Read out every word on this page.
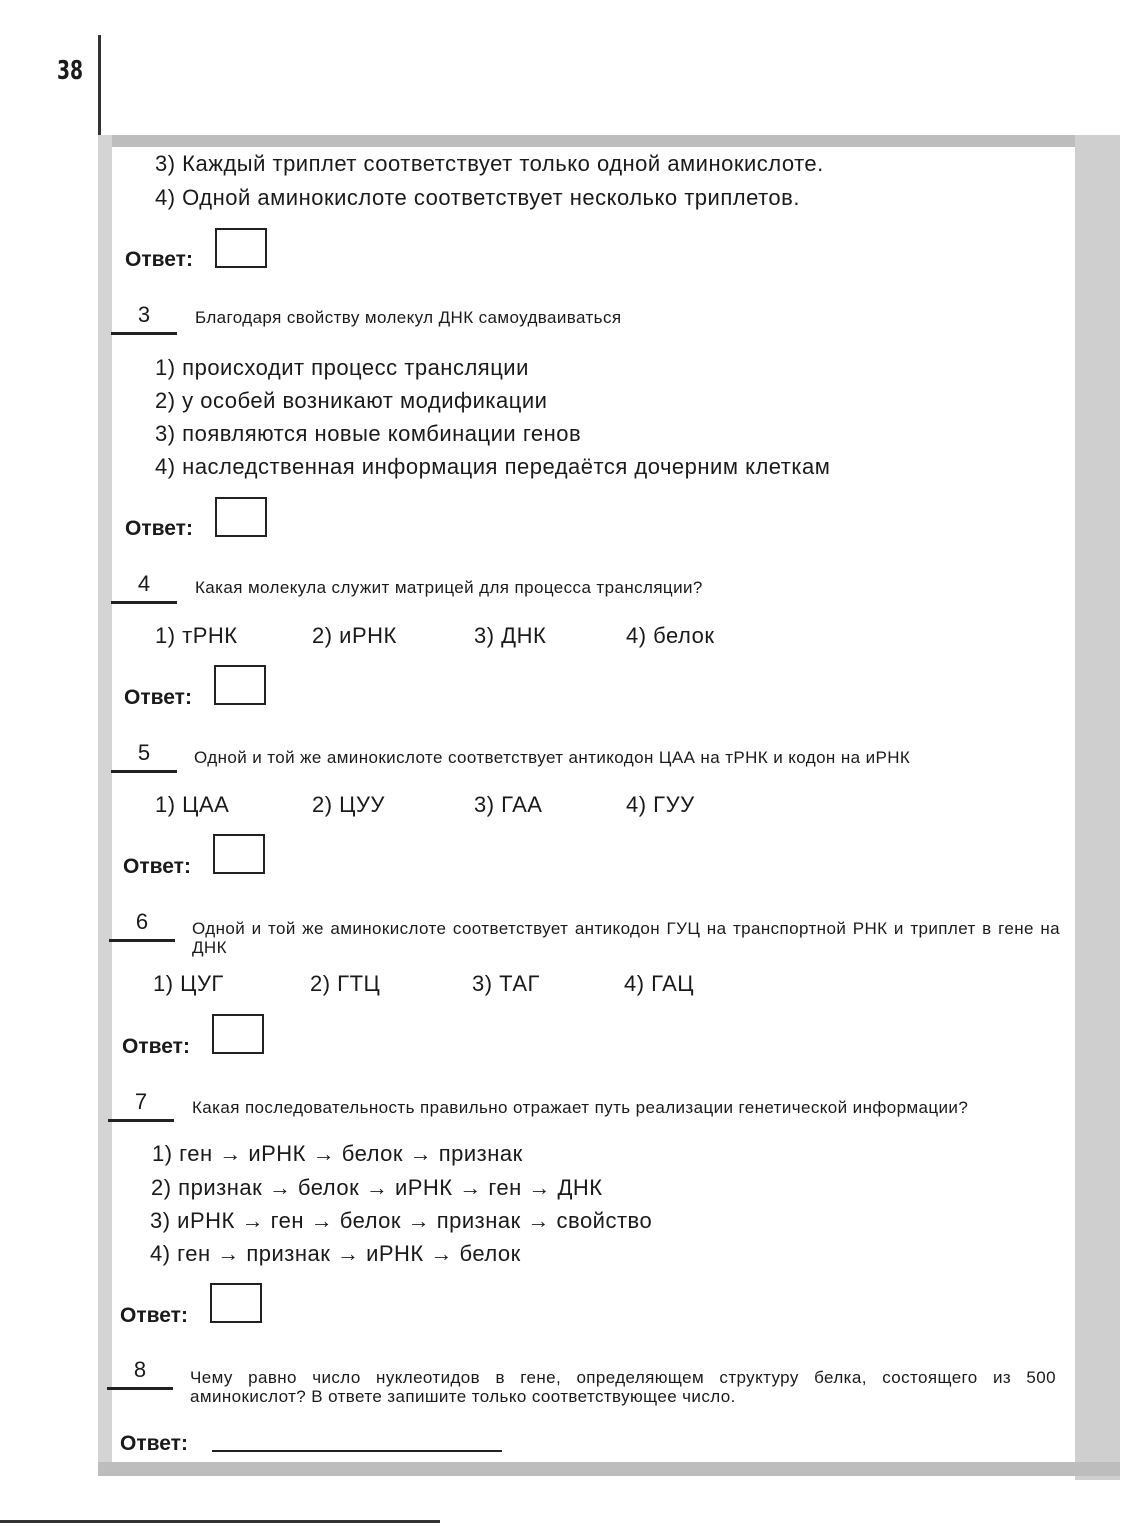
38
3) Каждый триплет соответствует только одной аминокислоте.
4) Одной аминокислоте соответствует несколько триплетов.
Ответ:
3	Благодаря свойству молекул ДНК самоудваиваться
1) происходит процесс трансляции
2) у особей возникают модификации
3) появляются новые комбинации генов
4) наследственная информация передаётся дочерним клеткам
Ответ:
4	Какая молекула служит матрицей для процесса трансляции?
1) тРНК	2) иРНК	3) ДНК	4) белок
Ответ:
5	Одной и той же аминокислоте соответствует антикодон ЦАА на тРНК и кодон на иРНК
1) ЦАА	2) ЦУУ	3) ГАА	4) ГУУ
Ответ:
6	Одной и той же аминокислоте соответствует антикодон ГУЦ на транспортной РНК и триплет в гене на ДНК
1) ЦУГ	2) ГТЦ	3) ТАГ	4) ГАЦ
Ответ:
7	Какая последовательность правильно отражает путь реализации генетической информации?
1) ген → иРНК → белок → признак
2) признак → белок → иРНК → ген → ДНК
3) иРНК → ген → белок → признак → свойство
4) ген → признак → иРНК → белок
Ответ:
8	Чему равно число нуклеотидов в гене, определяющем структуру белка, состоящего из 500 аминокислот? В ответе запишите только соответствующее число.
Ответ:
